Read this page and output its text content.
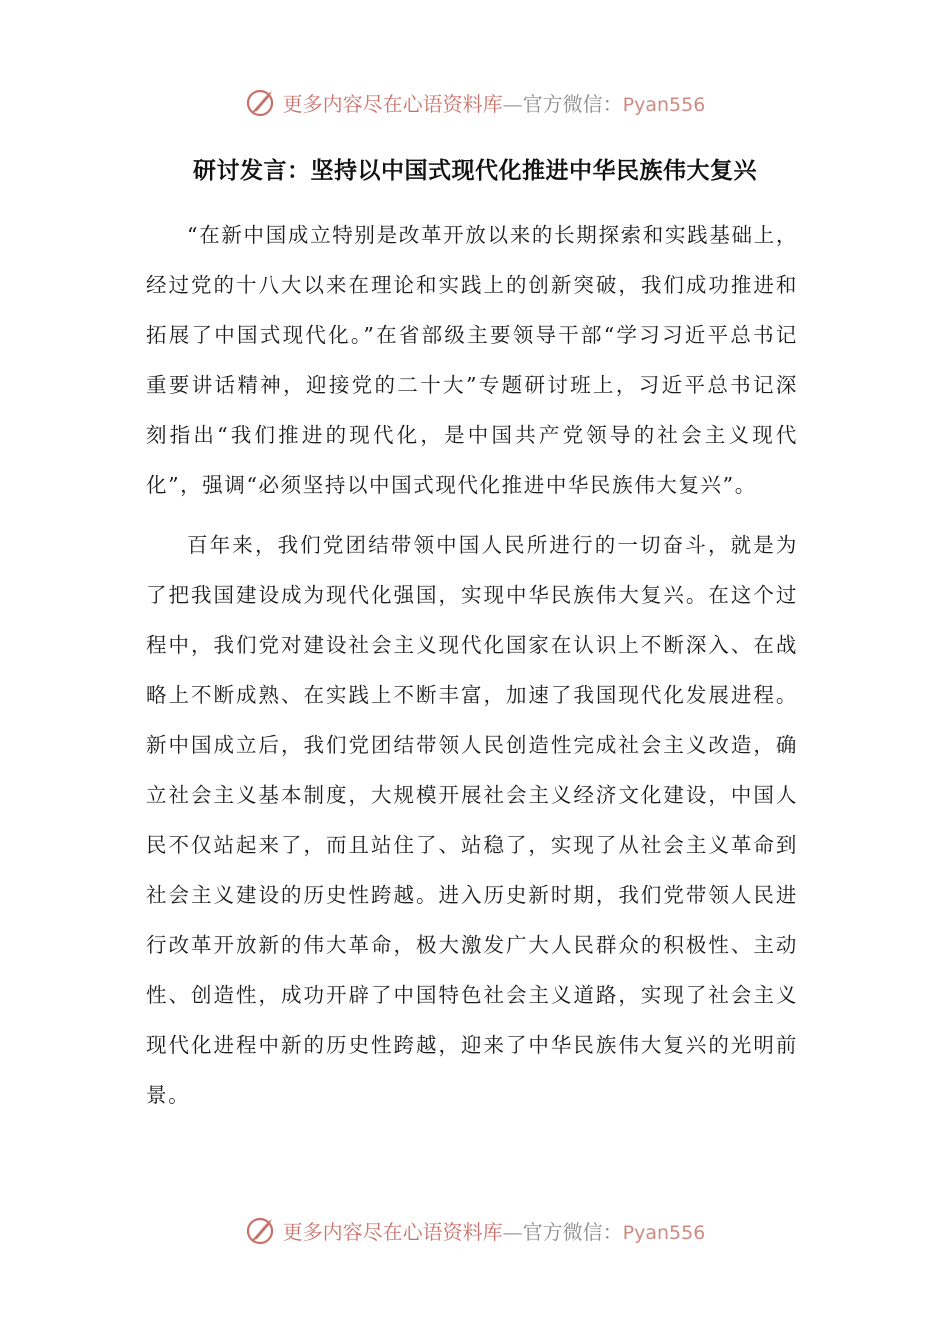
更多内容尽在心语资料库—官方微信：Pyan556
研讨发言：坚持以中国式现代化推进中华民族伟大复兴

“在新中国成立特别是改革开放以来的长期探索和实践基础上，经过党的十八大以来在理论和实践上的创新突破，我们成功推进和拓展了中国式现代化。”在省部级主要领导干部“学习习近平总书记重要讲话精神，迎接党的二十大”专题研讨班上，习近平总书记深刻指出“我们推进的现代化，是中国共产党领导的社会主义现代化”，强调“必须坚持以中国式现代化推进中华民族伟大复兴”。

百年来，我们党团结带领中国人民所进行的一切奋斗，就是为了把我国建设成为现代化强国，实现中华民族伟大复兴。在这个过程中，我们党对建设社会主义现代化国家在认识上不断深入、在战略上不断成熟、在实践上不断丰富，加速了我国现代化发展进程。新中国成立后，我们党团结带领人民创造性完成社会主义改造，确立社会主义基本制度，大规模开展社会主义经济文化建设，中国人民不仅站起来了，而且站住了、站稳了，实现了从社会主义革命到社会主义建设的历史性跨越。进入历史新时期，我们党带领人民进行改革开放新的伟大革命，极大激发广大人民群众的积极性、主动性、创造性，成功开辟了中国特色社会主义道路，实现了社会主义现代化进程中新的历史性跨越，迎来了中华民族伟大复兴的光明前景。

更多内容尽在心语资料库—官方微信：Pyan556
